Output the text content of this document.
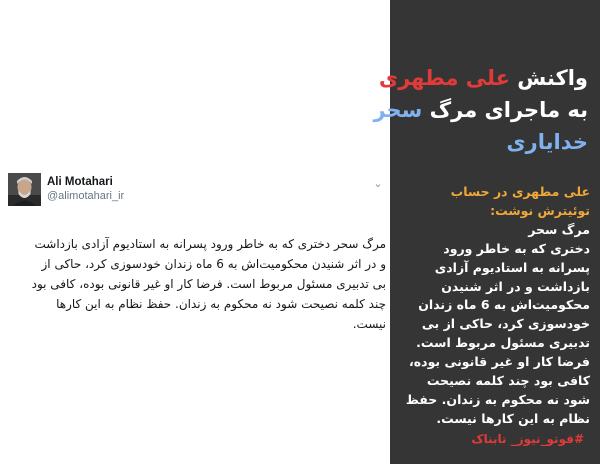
Ali Motahari
@alimotahari_ir
⌄
مرگ سحر دختری که به خاطر ورود پسرانه به استادیوم آزادی بازداشت
و در اثر شنیدن محکومیت‌اش به 6 ماه زندان خودسوزی کرد، حاکی از
بی تدبیری مسئول مربوط است. فرضا کار او غیر قانونی بوده، کافی بود
چند کلمه نصیحت شود نه محکوم به زندان. حفظ نظام به این کارها
نیست.
واکنش علی مطهری
به ماجرای مرگ سحر
خدایاری
علی مطهری در حساب
توئیترش نوشت:
مرگ سحر
دختری که به خاطر ورود
پسرانه به استادیوم آزادی
بازداشت و در اثر شنیدن
محکومیت‌اش به 6 ماه زندان
خودسوزی کرد، حاکی از بی
تدبیری مسئول مربوط است.
فرضا کار او غیر قانونی بوده،
کافی بود چند کلمه نصیحت
شود نه محکوم به زندان. حفظ
نظام به این کارها نیست.
#فوتو_نیوز_ تابناک
